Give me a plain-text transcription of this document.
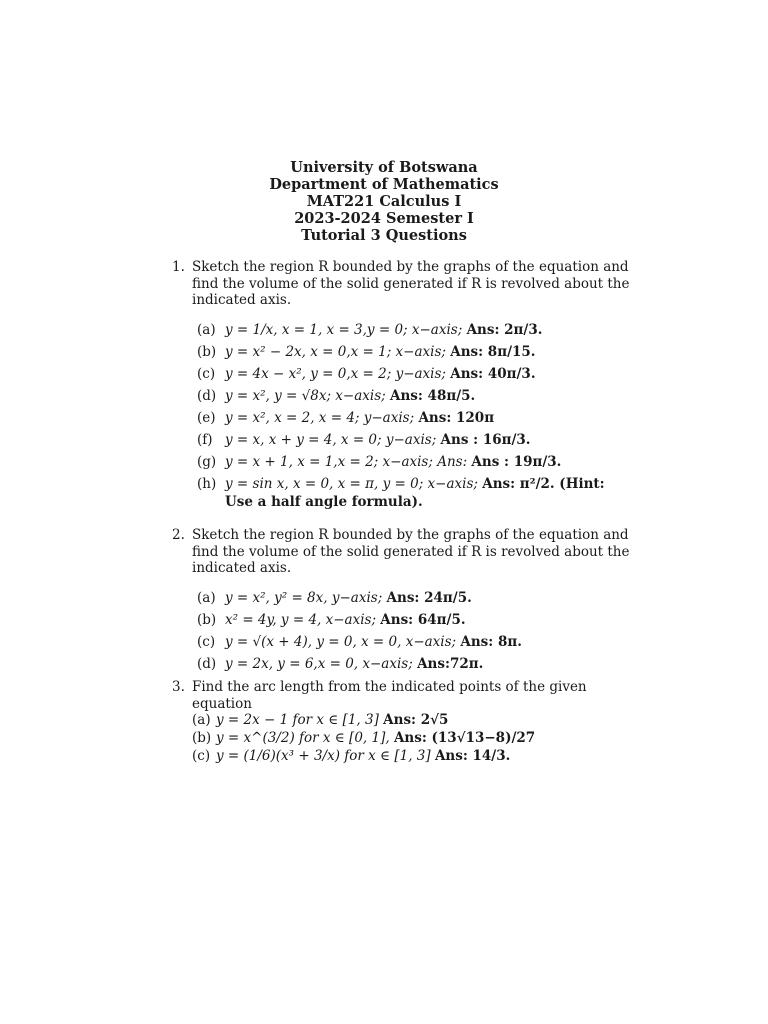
University of Botswana
Department of Mathematics
MAT221 Calculus I
2023-2024 Semester I
Tutorial 3 Questions
1. Sketch the region R bounded by the graphs of the equation and find the volume of the solid generated if R is revolved about the indicated axis.
(a) y = 1/x, x = 1, x = 3,y = 0; x−axis; Ans: 2π/3.
(b) y = x² − 2x, x = 0,x = 1; x−axis; Ans: 8π/15.
(c) y = 4x − x², y = 0,x = 2; y−axis; Ans: 40π/3.
(d) y = x², y = √8x; x−axis; Ans: 48π/5.
(e) y = x², x = 2, x = 4; y−axis; Ans: 120π
(f) y = x, x + y = 4, x = 0; y−axis; Ans : 16π/3.
(g) y = x + 1, x = 1,x = 2; x−axis; Ans: Ans : 19π/3.
(h) y = sin x, x = 0, x = π, y = 0; x−axis; Ans: π²/2. (Hint: Use a half angle formula).
2. Sketch the region R bounded by the graphs of the equation and find the volume of the solid generated if R is revolved about the indicated axis.
(a) y = x², y² = 8x, y−axis; Ans: 24π/5.
(b) x² = 4y, y = 4, x−axis; Ans: 64π/5.
(c) y = √(x + 4), y = 0, x = 0, x−axis; Ans: 8π.
(d) y = 2x, y = 6,x = 0, x−axis; Ans:72π.
3. Find the arc length from the indicated points of the given equation
(a) y = 2x − 1 for x ∈ [1, 3] Ans: 2√5
(b) y = x^(3/2) for x ∈ [0, 1], Ans: (13√13−8)/27
(c) y = (1/6)(x³ + 3/x) for x ∈ [1, 3] Ans: 14/3.
